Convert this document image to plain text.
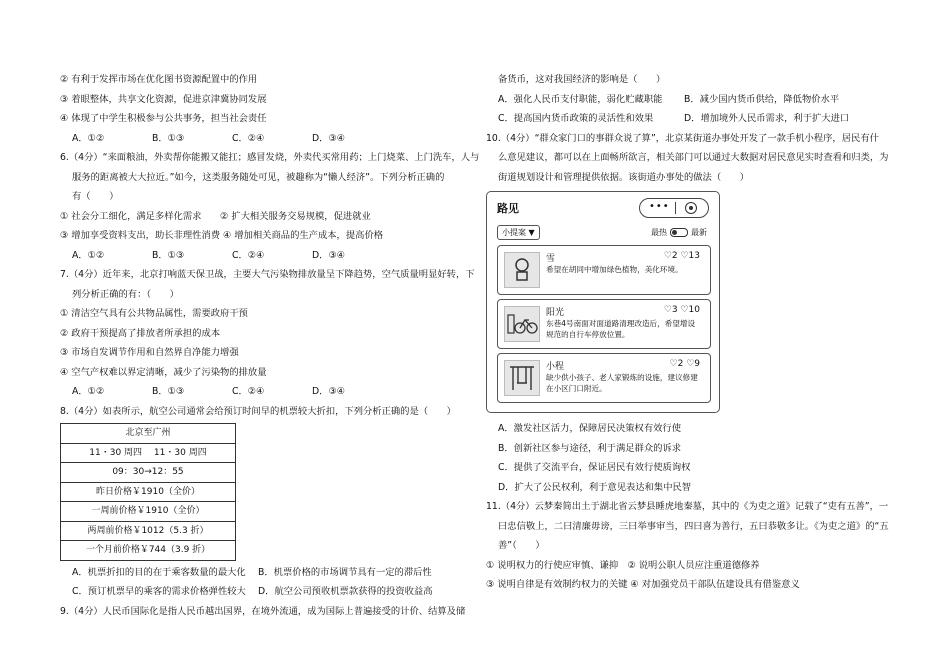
② 有利于发挥市场在优化图书资源配置中的作用
③ 着眼整体，共享文化资源，促进京津冀协同发展
④ 体现了中学生积极参与公共事务，担当社会责任
A．①②	B．①③	C．②④	D．③④
6.（4分）“来面粮油，外卖帮你能搬又能扛；感冒发烧，外卖代买常用药；上门烧菜、上门洗车，人与
服务的距离被大大拉近。”如今，这类服务随处可见，被趣称为“懒人经济”。下列分析正确的
有（　　）
① 社会分工细化，满足多样化需求　　② 扩大相关服务交易规模，促进就业
③ 增加享受资料支出，助长非理性消费 ④ 增加相关商品的生产成本，提高价格
A．①②	B．①③	C．②④	D．③④
7.（4分）近年来，北京打响蓝天保卫战，主要大气污染物排放量呈下降趋势，空气质量明显好转，下
列分析正确的有：（　　）
① 清洁空气具有公共物品属性，需要政府干预
② 政府干预提高了排放者所承担的成本
③ 市场自发调节作用和自然界自净能力增强
④ 空气产权难以界定清晰，减少了污染物的排放量
A．①②	B．①③	C．②④	D．③④
8.（4分）如表所示，航空公司通常会给预订时间早的机票较大折扣，下列分析正确的是（　　）
北京至广州
11・30 周四　 11・30 周四
09：30→12：55
昨日价格￥1910（全价）
一周前价格￥1910（全价）
两周前价格￥1012（5.3 折）
一个月前价格￥744（3.9 折）
A．机票折扣的目的在于乘客数量的最大化	B．机票价格的市场调节具有一定的滞后性
C．预订机票早的乘客的需求价格弹性较大	D．航空公司预收机票款获得的投资收益高
9.（4分）人民币国际化是指人民币越出国界，在境外流通，成为国际上普遍接受的计价、结算及储
备货币，这对我国经济的影响是（　　）
A．强化人民币支付职能，弱化贮藏职能	B．减少国内货币供给，降低物价水平
C．提高国内货币政策的灵活性和效果	D．增加境外人民币需求，利于扩大进口
10.（4分）“群众家门口的事群众说了算”，北京某街道办事处开发了一款手机小程序，居民有什
么意见建议，都可以在上面畅所欲言，相关部门可以通过大数据对居民意见实时查看和归类，为
街道规划设计和管理提供依据。该街道办事处的做法（　　）
路见	•••
小提案 ▼	最热	最新
雪	♡2 ♡13
希望在胡同中增加绿色植物，美化环境。
阳光	♡3 ♡10
东巷4号南面对面道路清理改造后，希望增设规范的自行车停放位置。
小程	♡2 ♡9
缺少供小孩子、老人家锻炼的设施，建议修建在小区门口附近。
A．激发社区活力，保障居民决策权有效行使
B．创新社区参与途径，利于满足群众的诉求
C．提供了交流平台，保证居民有效行使质询权
D．扩大了公民权利，利于意见表达和集中民智
11.（4分）云梦秦简出土于湖北省云梦县睡虎地秦墓，其中的《为吏之道》记载了“吏有五善”，一
曰忠信敬上，二曰清廉毋谤，三曰举事审当，四曰喜为善行，五曰恭敬多让。《为吏之道》的“五
善”（　　）
① 说明权力的行使应审慎、谦抑　② 说明公职人员应注重道德修养
③ 说明自律是有效制约权力的关键 ④ 对加强党员干部队伍建设具有借鉴意义
